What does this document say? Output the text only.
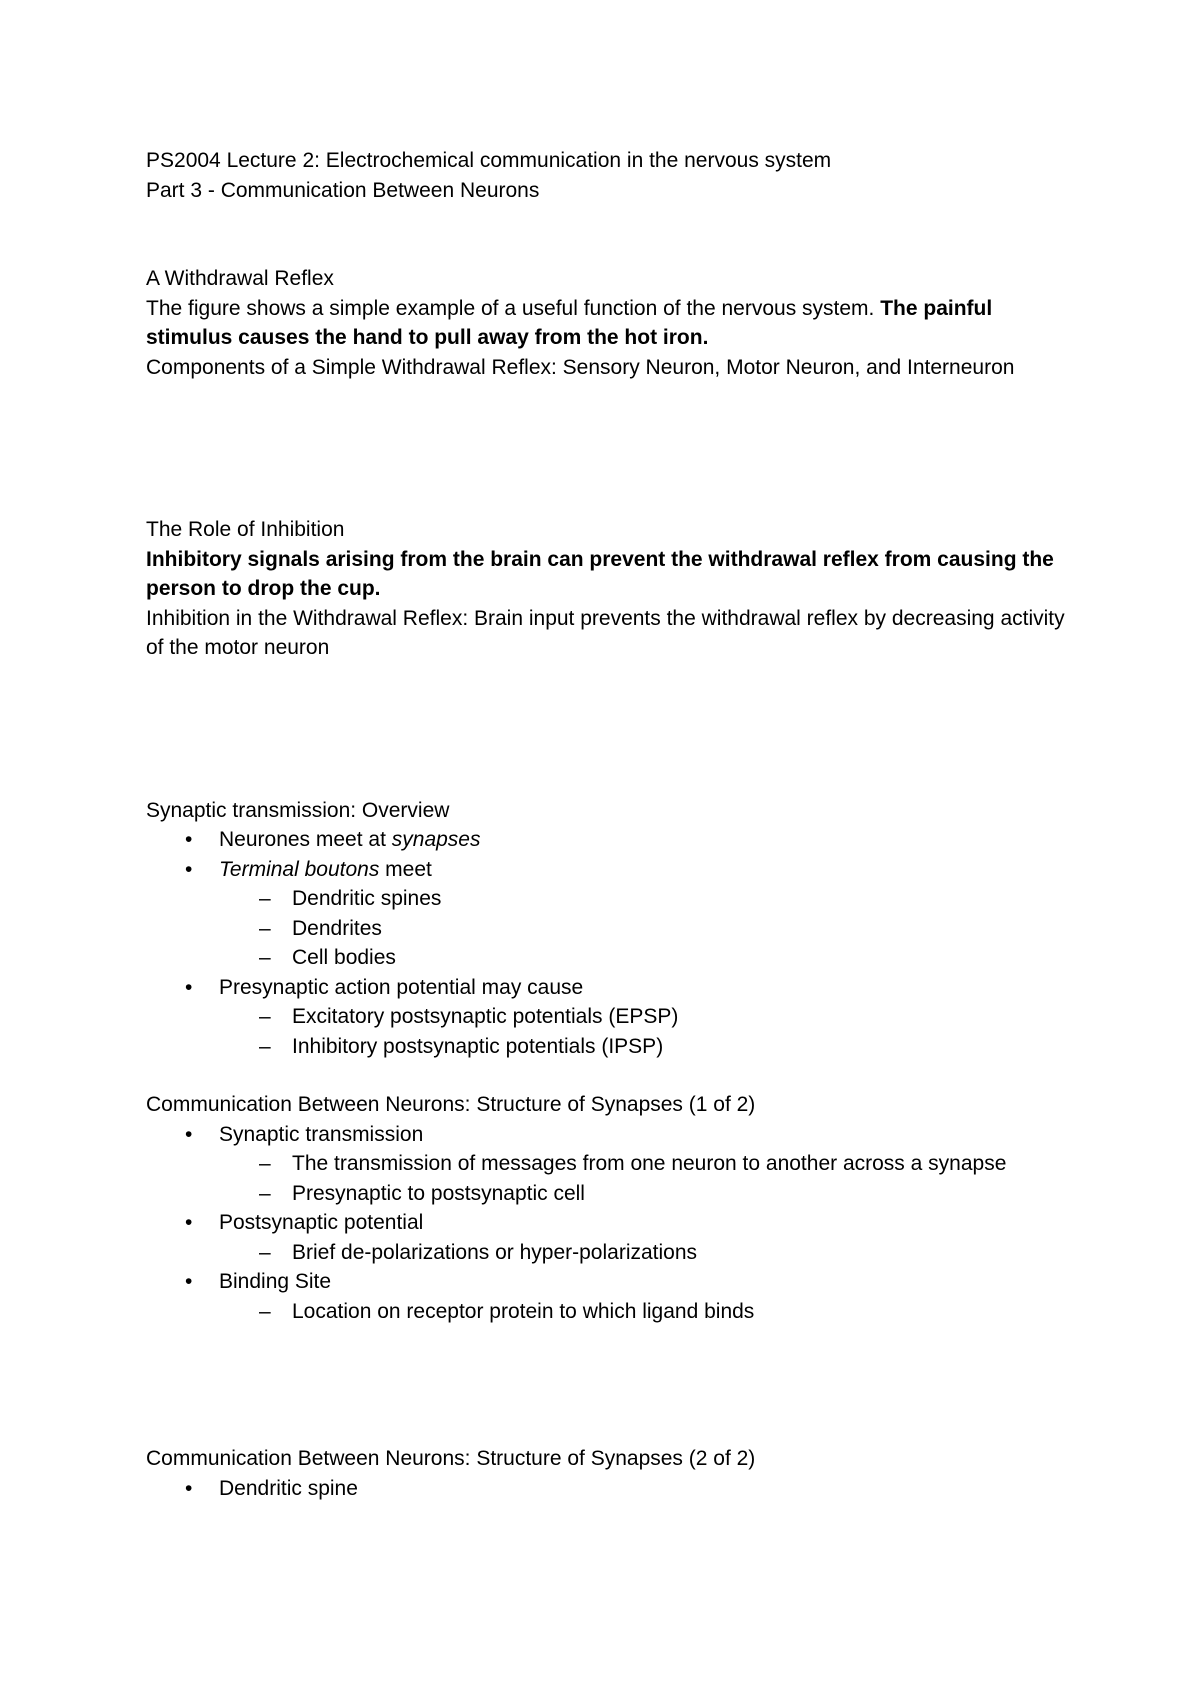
PS2004 Lecture 2: Electrochemical communication in the nervous system

Part 3 - Communication Between Neurons

A Withdrawal Reflex

The figure shows a simple example of a useful function of the nervous system. The painful stimulus causes the hand to pull away from the hot iron.

Components of a Simple Withdrawal Reflex: Sensory Neuron, Motor Neuron, and Interneuron

The Role of Inhibition

Inhibitory signals arising from the brain can prevent the withdrawal reflex from causing the person to drop the cup.

Inhibition in the Withdrawal Reflex: Brain input prevents the withdrawal reflex by decreasing activity of the motor neuron

Synaptic transmission: Overview

• Neurones meet at synapses
• Terminal boutons meet
– Dendritic spines
– Dendrites
– Cell bodies
• Presynaptic action potential may cause
– Excitatory postsynaptic potentials (EPSP)
– Inhibitory postsynaptic potentials (IPSP)

Communication Between Neurons: Structure of Synapses (1 of 2)

• Synaptic transmission
– The transmission of messages from one neuron to another across a synapse
– Presynaptic to postsynaptic cell
• Postsynaptic potential
– Brief de-polarizations or hyper-polarizations
• Binding Site
– Location on receptor protein to which ligand binds

Communication Between Neurons: Structure of Synapses (2 of 2)

• Dendritic spine
